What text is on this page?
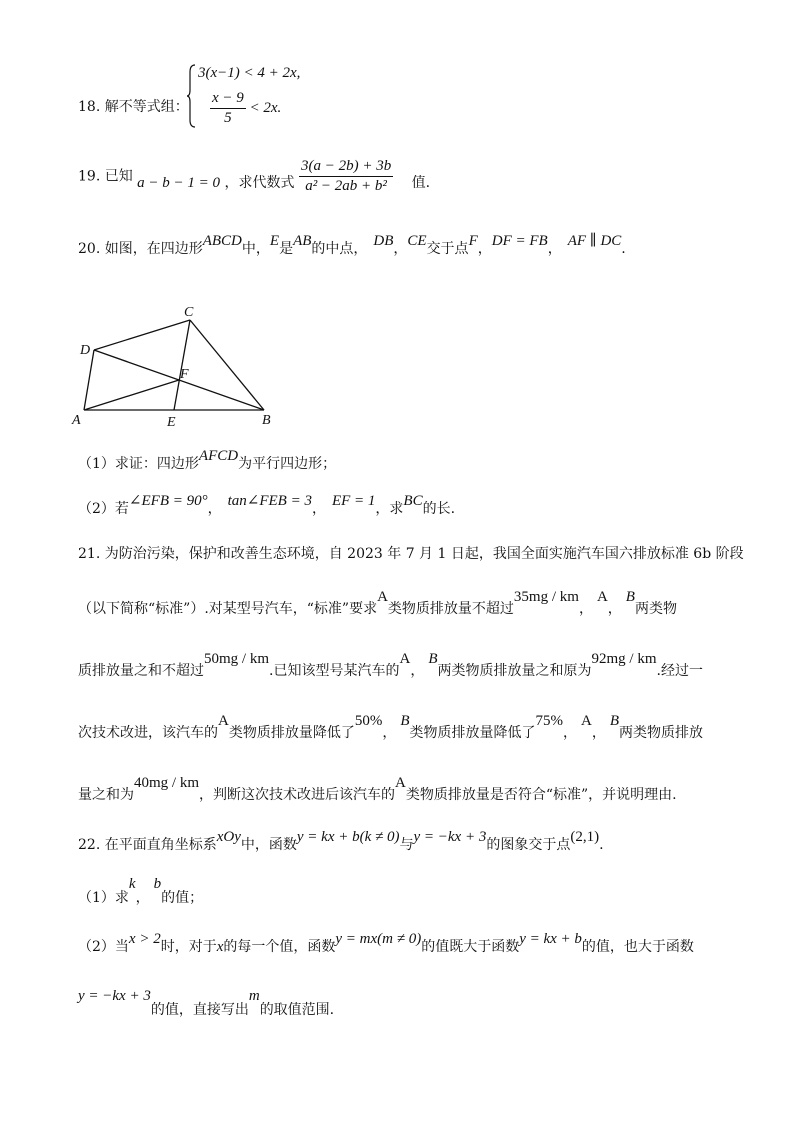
18. 解不等式组：
3(x−1) < 4 + 2x,
$\frac{x - 9}{5} < 2x$.
19. 已知 a − b − 1 = 0 ，求代数式 $\frac{3(a - 2b) + 3b}{\text{a² − 2ab + b²}}$ 值.
20. 如图，在四边形ABCD中，E是AB的中点， DB，CE交于点F，DF = FB， AF ∥ DC.
A	B
C
D
E
F
（1）求证：四边形AFCD为平行四边形；
（2）若∠EFB = 90°， tan∠FEB = 3， EF = 1，求BC的长.
21. 为防治污染，保护和改善生态环境，自 2023 年 7 月 1 日起，我国全面实施汽车国六排放标准 6b 阶段
（以下简称“标准”）.对某型号汽车，“标准”要求A类物质排放量不超过35mg / km，A，B两类物
质排放量之和不超过50mg / km.已知该型号某汽车的A，B两类物质排放量之和原为92mg / km.经过一
次技术改进，该汽车的A类物质排放量降低了50%，B类物质排放量降低了75%，A，B两类物质排放
量之和为40mg / km，判断这次技术改进后该汽车的A类物质排放量是否符合“标准”，并说明理由.
22. 在平面直角坐标系xOy中，函数y = kx + b(k ≠ 0)与y = −kx + 3的图象交于点(2,1).
（1）求k，b的值；
（2）当x > 2时，对于x的每一个值，函数y = mx(m ≠ 0)的值既大于函数y = kx + b的值，也大于函数
y = −kx + 3的值，直接写出m的取值范围.
